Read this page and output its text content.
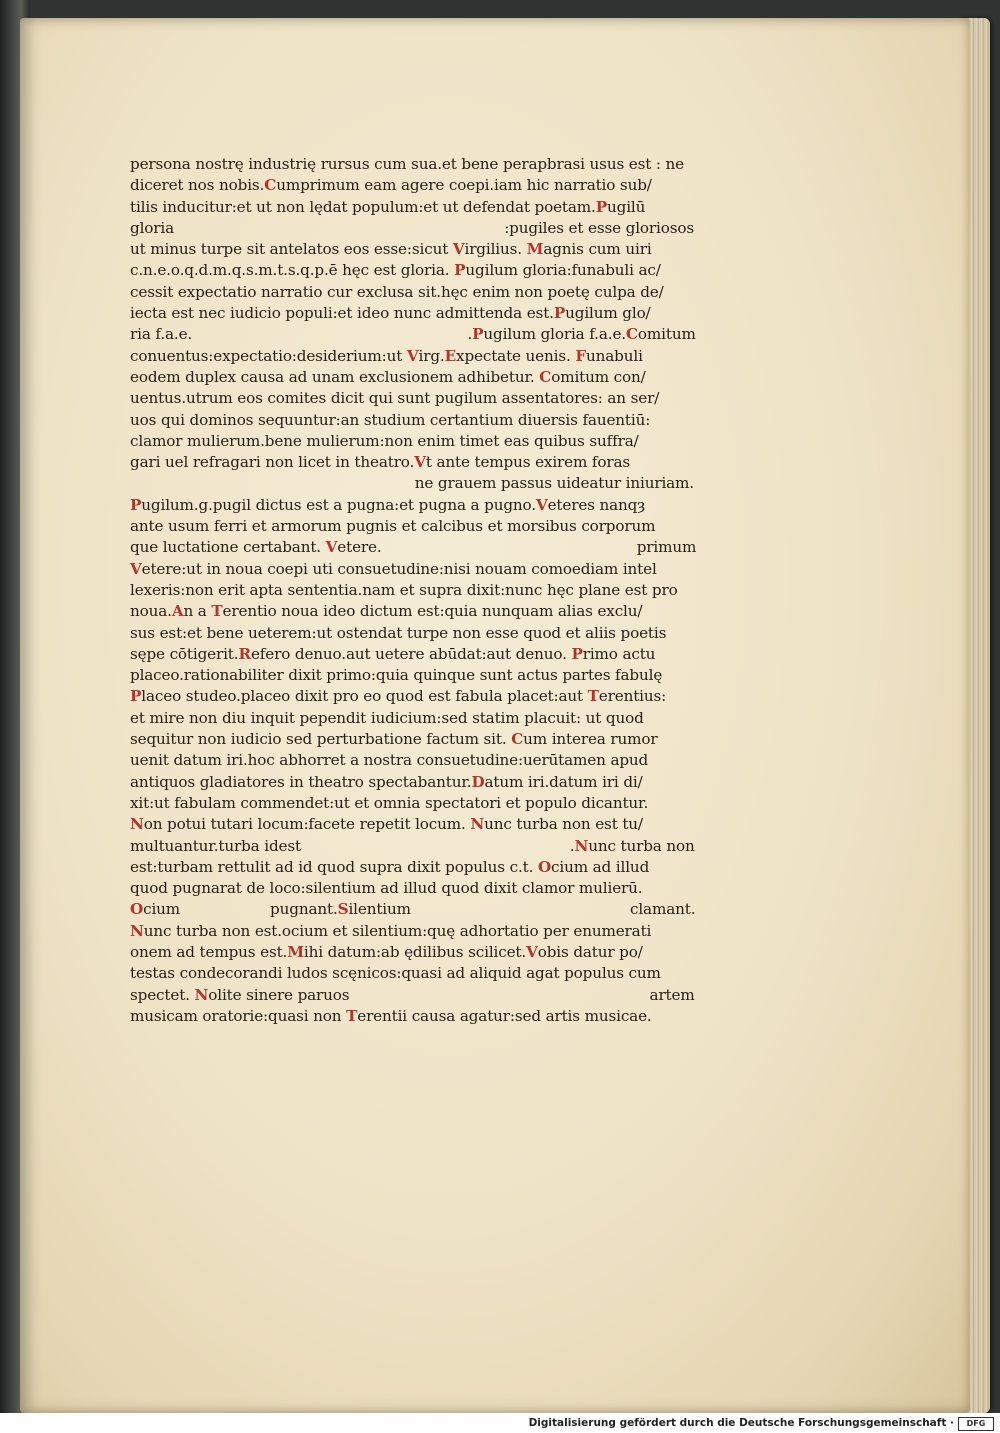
persona nostrę industrię rursus cum sua.et bene perapbrasi usus est : ne
diceret nos nobis.Cumprimum eam agere coepi.iam hic narratio sub/
tilis inducitur:et ut non lędat populum:et ut defendat poetam.Pugilū
gloria	:pugiles et esse gloriosos
ut minus turpe sit antelatos eos esse:sicut Virgilius. Magnis cum uiri
c.n.e.o.q.d.m.q.s.m.t.s.q.p.ē hęc est gloria. Pugilum gloria:funabuli ac/
cessit expectatio narratio cur exclusa sit.hęc enim non poetę culpa de/
iecta est nec iudicio populi:et ideo nunc admittenda est.Pugilum glo/
ria f.a.e.	.Pugilum gloria f.a.e.Comitum
conuentus:expectatio:desiderium:ut Virg.Expectate uenis. Funabuli
eodem duplex causa ad unam exclusionem adhibetur. Comitum con/
uentus.utrum eos comites dicit qui sunt pugilum assentatores: an ser/
uos qui dominos sequuntur:an studium certantium diuersis fauentiū:
clamor mulierum.bene mulierum:non enim timet eas quibus suffra/
gari uel refragari non licet in theatro.Vt ante tempus exirem foras
ne grauem passus uideatur iniuriam.
Pugilum.g.pugil dictus est a pugna:et pugna a pugno.Veteres nanqȝ
ante usum ferri et armorum pugnis et calcibus et morsibus corporum
que luctatione certabant. Vetere.	primum
Vetere:ut in noua coepi uti consuetudine:nisi nouam comoediam intel
lexeris:non erit apta sententia.nam et supra dixit:nunc hęc plane est pro
noua.An a Terentio noua ideo dictum est:quia nunquam alias exclu/
sus est:et bene ueterem:ut ostendat turpe non esse quod et aliis poetis
sępe cōtigerit.Refero denuo.aut uetere abūdat:aut denuo. Primo actu
placeo.rationabiliter dixit primo:quia quinque sunt actus partes fabulę
Placeo studeo.placeo dixit pro eo quod est fabula placet:aut Terentius:
et mire non diu inquit pependit iudicium:sed statim placuit: ut quod
sequitur non iudicio sed perturbatione factum sit. Cum interea rumor
uenit datum iri.hoc abhorret a nostra consuetudine:uerūtamen apud
antiquos gladiatores in theatro spectabantur.Datum iri.datum iri di/
xit:ut fabulam commendet:ut et omnia spectatori et populo dicantur.
Non potui tutari locum:facete repetit locum. Nunc turba non est tu/
multuantur.turba idest	.Nunc turba non
est:turbam rettulit ad id quod supra dixit populus c.t. Ocium ad illud
quod pugnarat de loco:silentium ad illud quod dixit clamor mulierū.
Ocium	pugnant.Silentium	clamant.
Nunc turba non est.ocium et silentium:quę adhortatio per enumerati
onem ad tempus est.Mihi datum:ab ędilibus scilicet.Vobis datur po/
testas condecorandi ludos scęnicos:quasi ad aliquid agat populus cum
spectet. Nolite sinere paruos	artem
musicam oratorie:quasi non Terentii causa agatur:sed artis musicae.
Digitalisierung gefördert durch die Deutsche Forschungsgemeinschaft ·	DFG
